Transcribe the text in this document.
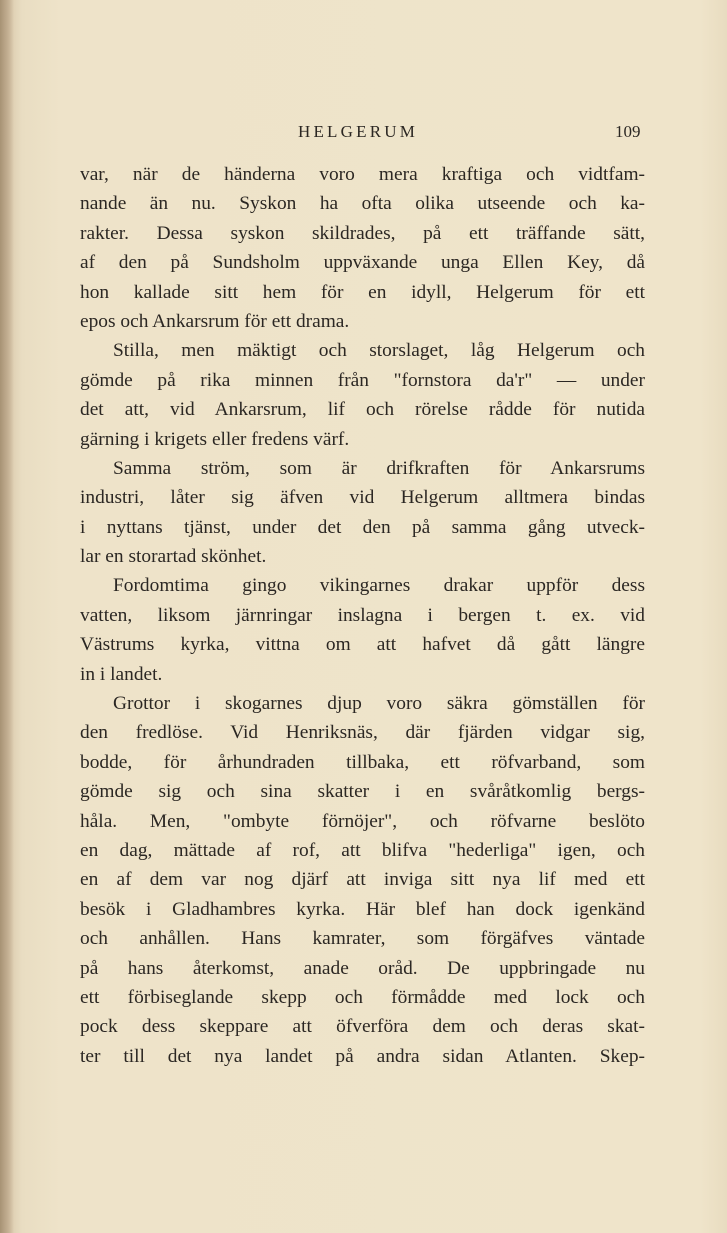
HELGERUM	109
var, när de händerna voro mera kraftiga och vidtfam-
nande än nu. Syskon ha ofta olika utseende och ka-
rakter. Dessa syskon skildrades, på ett träffande sätt,
af den på Sundsholm uppväxande unga Ellen Key, då
hon kallade sitt hem för en idyll, Helgerum för ett
epos och Ankarsrum för ett drama.
Stilla, men mäktigt och storslaget, låg Helgerum och
gömde på rika minnen från "fornstora da'r" — under
det att, vid Ankarsrum, lif och rörelse rådde för nutida
gärning i krigets eller fredens värf.
Samma ström, som är drifkraften för Ankarsrums
industri, låter sig äfven vid Helgerum alltmera bindas
i nyttans tjänst, under det den på samma gång utveck-
lar en storartad skönhet.
Fordomtima gingo vikingarnes drakar uppför dess
vatten, liksom järnringar inslagna i bergen t. ex. vid
Västrums kyrka, vittna om att hafvet då gått längre
in i landet.
Grottor i skogarnes djup voro säkra gömställen för
den fredlöse. Vid Henriksnäs, där fjärden vidgar sig,
bodde, för århundraden tillbaka, ett röfvarband, som
gömde sig och sina skatter i en svåråtkomlig bergs-
håla. Men, "ombyte förnöjer", och röfvarne beslöto
en dag, mättade af rof, att blifva "hederliga" igen, och
en af dem var nog djärf att inviga sitt nya lif med ett
besök i Gladhambres kyrka. Här blef han dock igenkänd
och anhållen. Hans kamrater, som förgäfves väntade
på hans återkomst, anade oråd. De uppbringade nu
ett förbiseglande skepp och förmådde med lock och
pock dess skeppare att öfverföra dem och deras skat-
ter till det nya landet på andra sidan Atlanten. Skep-
